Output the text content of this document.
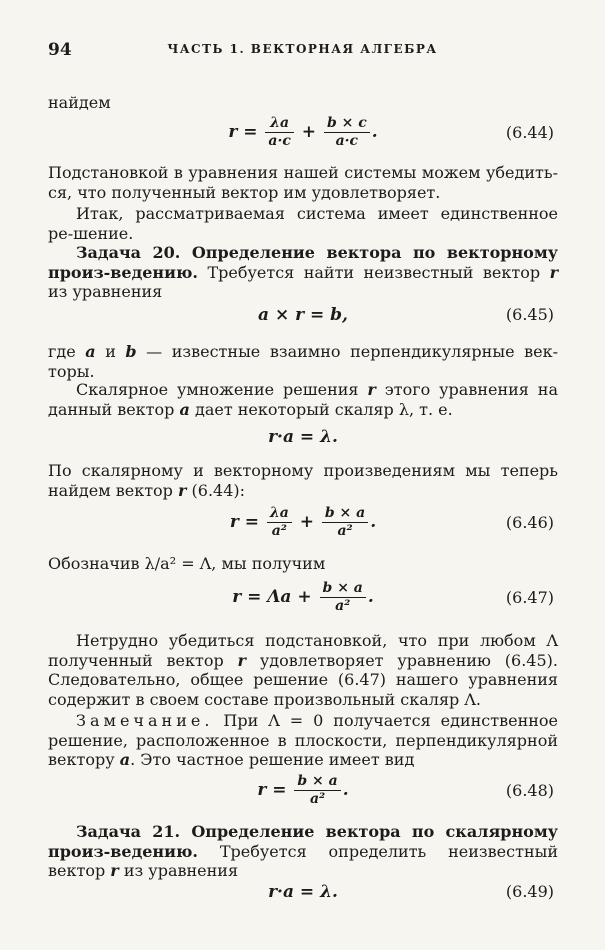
94	ЧАСТЬ 1. ВЕКТОРНАЯ АЛГЕБРА

найдем

$r = \frac{\lambda a}{a\cdot c} + \frac{b \times c}{a\cdot c}$ .	(6.44)

Подстановкой в уравнения нашей системы можем убедить-ся, что полученный вектор им удовлетворяет.

Итак, рассматриваемая система имеет единственное ре-шение.

Задача 20. Определение вектора по векторному произ-ведению. Требуется найти неизвестный вектор r из уравнения

a × r = b,	(6.45)

где a и b — известные взаимно перпендикулярные век-торы.

Скалярное умножение решения r этого уравнения на данный вектор a дает некоторый скаляр λ, т. е.

r·a = λ.

По скалярному и векторному произведениям мы теперь найдем вектор r (6.44):

$r = \frac{\lambda a}{\text{a²}} + \frac{b \times a}{\text{a²}}$ .	(6.46)

Обозначив λ/a² = Λ, мы получим

$r = \Lambda a + \frac{b \times a}{\text{a²}}$ .	(6.47)

Нетрудно убедиться подстановкой, что при любом Λ полученный вектор r удовлетворяет уравнению (6.45). Следовательно, общее решение (6.47) нашего уравнения содержит в своем составе произвольный скаляр Λ.

Замечание. При Λ = 0 получается единственное решение, расположенное в плоскости, перпендикулярной вектору a. Это частное решение имеет вид

$r = \frac{b \times a}{\text{a²}}$ .	(6.48)

Задача 21. Определение вектора по скалярному произ-ведению. Требуется определить неизвестный вектор r из уравнения

r·a = λ.	(6.49)
